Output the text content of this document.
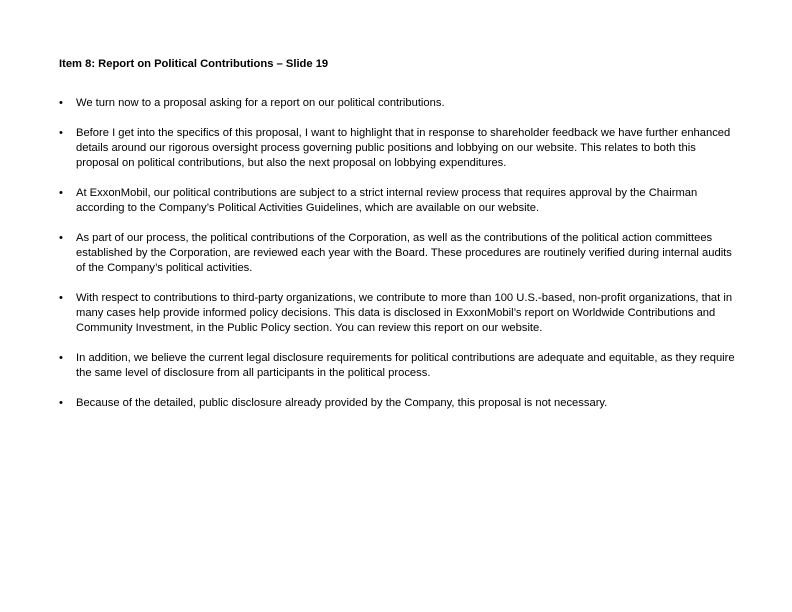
Item 8: Report on Political Contributions – Slide 19
•	We turn now to a proposal asking for a report on our political contributions.
•	Before I get into the specifics of this proposal, I want to highlight that in response to shareholder feedback we have further enhanced details around our rigorous oversight process governing public positions and lobbying on our website. This relates to both this proposal on political contributions, but also the next proposal on lobbying expenditures.
•	At ExxonMobil, our political contributions are subject to a strict internal review process that requires approval by the Chairman according to the Company’s Political Activities Guidelines, which are available on our website.
•	As part of our process, the political contributions of the Corporation, as well as the contributions of the political action committees established by the Corporation, are reviewed each year with the Board. These procedures are routinely verified during internal audits of the Company’s political activities.
•	With respect to contributions to third-party organizations, we contribute to more than 100 U.S.-based, non-profit organizations, that in many cases help provide informed policy decisions. This data is disclosed in ExxonMobil’s report on Worldwide Contributions and Community Investment, in the Public Policy section. You can review this report on our website.
•	In addition, we believe the current legal disclosure requirements for political contributions are adequate and equitable, as they require the same level of disclosure from all participants in the political process.
•	Because of the detailed, public disclosure already provided by the Company, this proposal is not necessary.
